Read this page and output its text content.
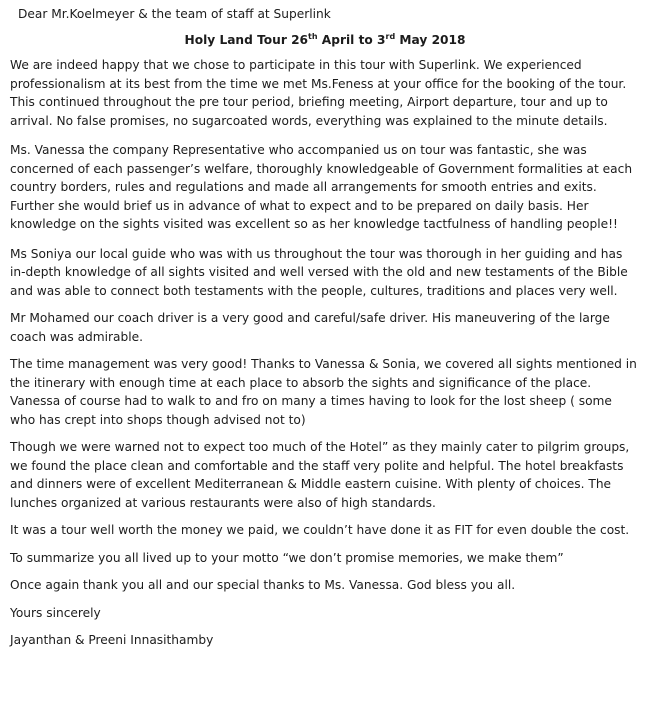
Dear Mr.Koelmeyer & the team of staff at Superlink

Holy Land Tour 26th April to 3rd May 2018

We are indeed happy that we chose to participate in this tour with Superlink. We experienced professionalism at its best from the time we met Ms.Feness at your office for the booking of the tour. This continued throughout the pre tour period, briefing meeting, Airport departure, tour and up to arrival. No false promises, no sugarcoated words, everything was explained to the minute details.

Ms. Vanessa the company Representative who accompanied us on tour was fantastic, she was concerned of each passenger’s welfare, thoroughly knowledgeable of Government formalities at each country borders, rules and regulations and made all arrangements for smooth entries and exits. Further she would brief us in advance of what to expect and to be prepared on daily basis. Her knowledge on the sights visited was excellent so as her knowledge tactfulness of handling people!!

Ms Soniya our local guide who was with us throughout the tour was thorough in her guiding and has in-depth knowledge of all sights visited and well versed with the old and new testaments of the Bible and was able to connect both testaments with the people, cultures, traditions and places very well.

Mr Mohamed our coach driver is a very good and careful/safe driver. His maneuvering of the large coach was admirable.

The time management was very good! Thanks to Vanessa & Sonia, we covered all sights mentioned in the itinerary with enough time at each place to absorb the sights and significance of the place. Vanessa of course had to walk to and fro on many a times having to look for the lost sheep ( some who has crept into shops though advised not to)

Though we were warned not to expect too much of the Hotel” as they mainly cater to pilgrim groups, we found the place clean and comfortable and the staff very polite and helpful. The hotel breakfasts and dinners were of excellent Mediterranean & Middle eastern cuisine. With plenty of choices. The lunches organized at various restaurants were also of high standards.

It was a tour well worth the money we paid, we couldn’t have done it as FIT for even double the cost.

To summarize you all lived up to your motto “we don’t promise memories, we make them”

Once again thank you all and our special thanks to Ms. Vanessa. God bless you all.

Yours sincerely

Jayanthan & Preeni Innasithamby
